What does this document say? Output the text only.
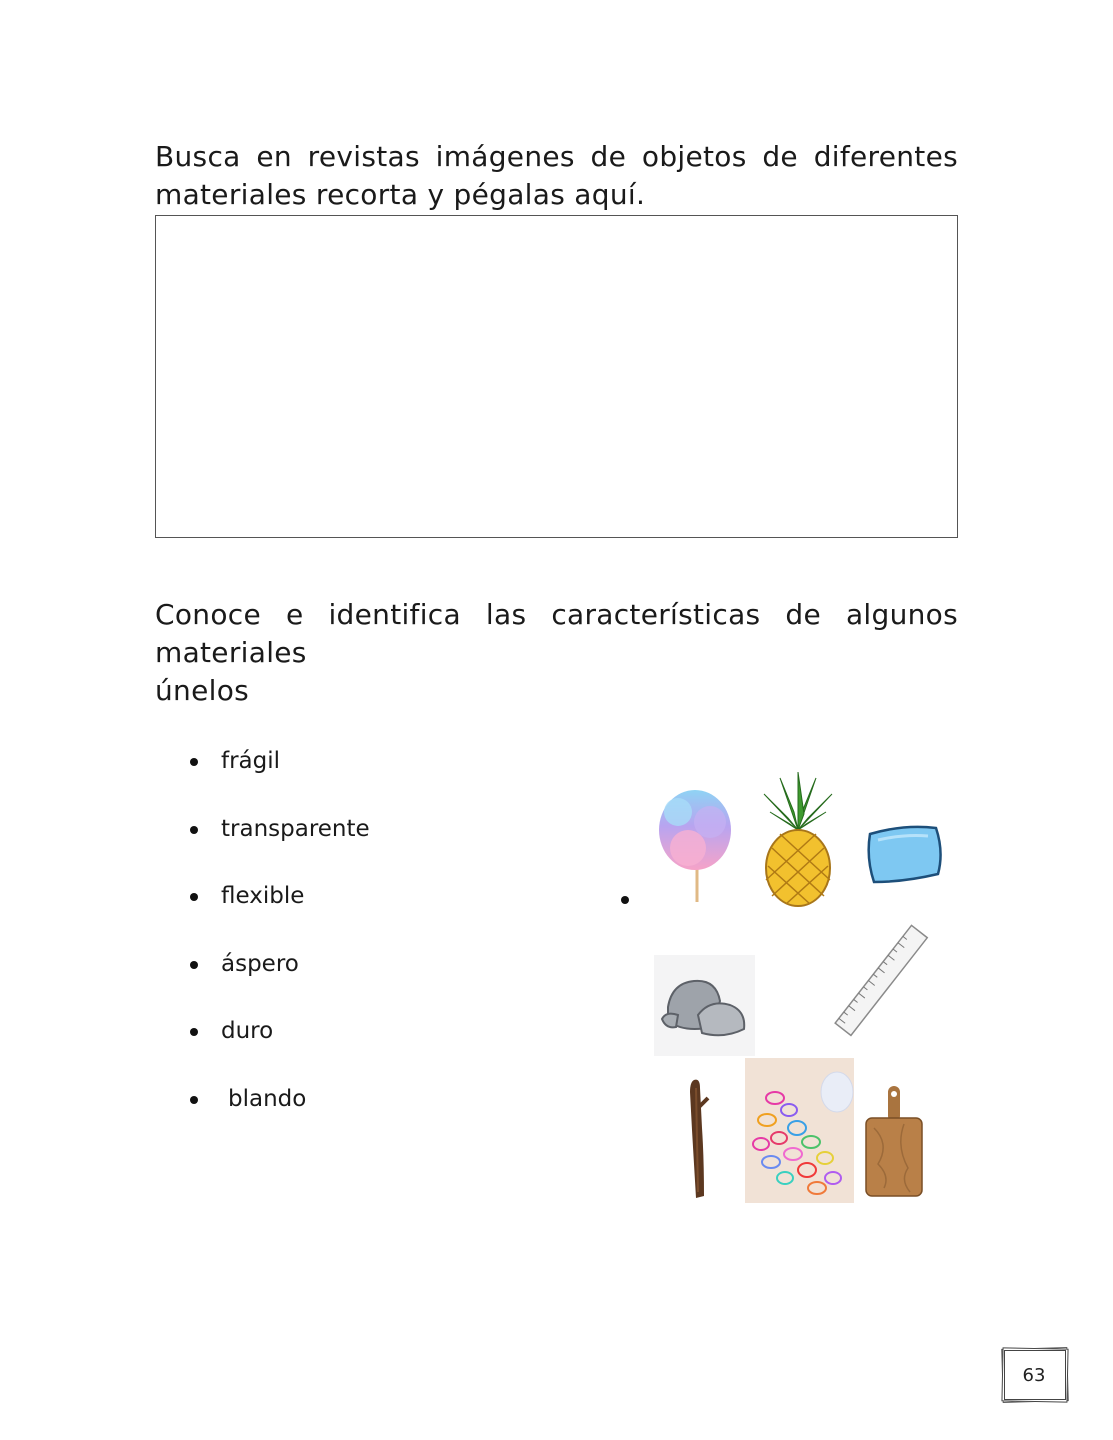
Busca en revistas imágenes de objetos de diferentes
materiales recorta y pégalas aquí.

Conoce e identifica las características de algunos
materiales
únelos

frágil
transparente
flexible
áspero
duro
blando
63
